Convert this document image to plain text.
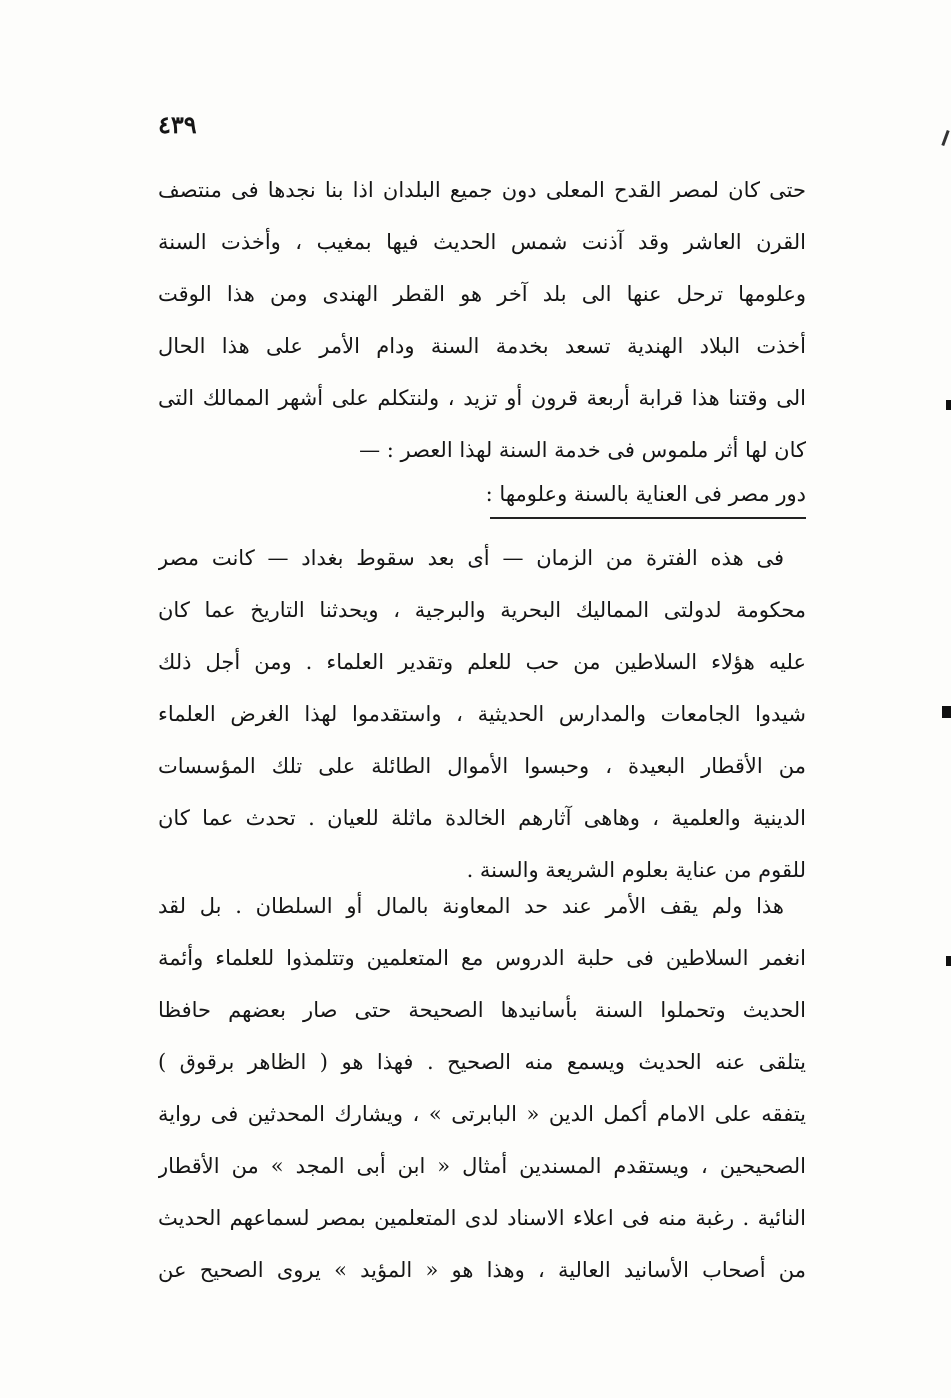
٤٣٩
حتى كان لمصر القدح المعلى دون جميع البلدان اذا بنا نجدها فى منتصف
القرن العاشر وقد آذنت شمس الحديث فيها بمغيب ، وأخذت السنة
وعلومها ترحل عنها الى بلد آخر هو القطر الهندى ومن هذا الوقت
أخذت البلاد الهندية تسعد بخدمة السنة ودام الأمر على هذا الحال
الى وقتنا هذا قرابة أربعة قرون أو تزيد ، ولنتكلم على أشهر الممالك التى
كان لها أثر ملموس فى خدمة السنة لهذا العصر : —
دور مصر فى العناية بالسنة وعلومها :
فى هذه الفترة من الزمان — أى بعد سقوط بغداد — كانت مصر
محكومة لدولتى المماليك البحرية والبرجية ، ويحدثنا التاريخ عما كان
عليه هؤلاء السلاطين من حب للعلم وتقدير العلماء . ومن أجل ذلك
شيدوا الجامعات والمدارس الحديثية ، واستقدموا لهذا الغرض العلماء
من الأقطار البعيدة ، وحبسوا الأموال الطائلة على تلك المؤسسات
الدينية والعلمية ، وهاهى آثارهم الخالدة ماثلة للعيان . تحدث عما كان
للقوم من عناية بعلوم الشريعة والسنة .
هذا ولم يقف الأمر عند حد المعاونة بالمال أو السلطان . بل لقد
انغمر السلاطين فى حلبة الدروس مع المتعلمين وتتلمذوا للعلماء وأئمة
الحديث وتحملوا السنة بأسانيدها الصحيحة حتى صار بعضهم حافظا
يتلقى عنه الحديث ويسمع منه الصحيح . فهذا هو ( الظاهر برقوق )
يتفقه على الامام أكمل الدين « البابرتى » ، ويشارك المحدثين فى رواية
الصحيحين ، ويستقدم المسندين أمثال « ابن أبى المجد » من الأقطار
النائية . رغبة منه فى اعلاء الاسناد لدى المتعلمين بمصر لسماعهم الحديث
من أصحاب الأسانيد العالية ، وهذا هو « المؤيد » يروى الصحيح عن
